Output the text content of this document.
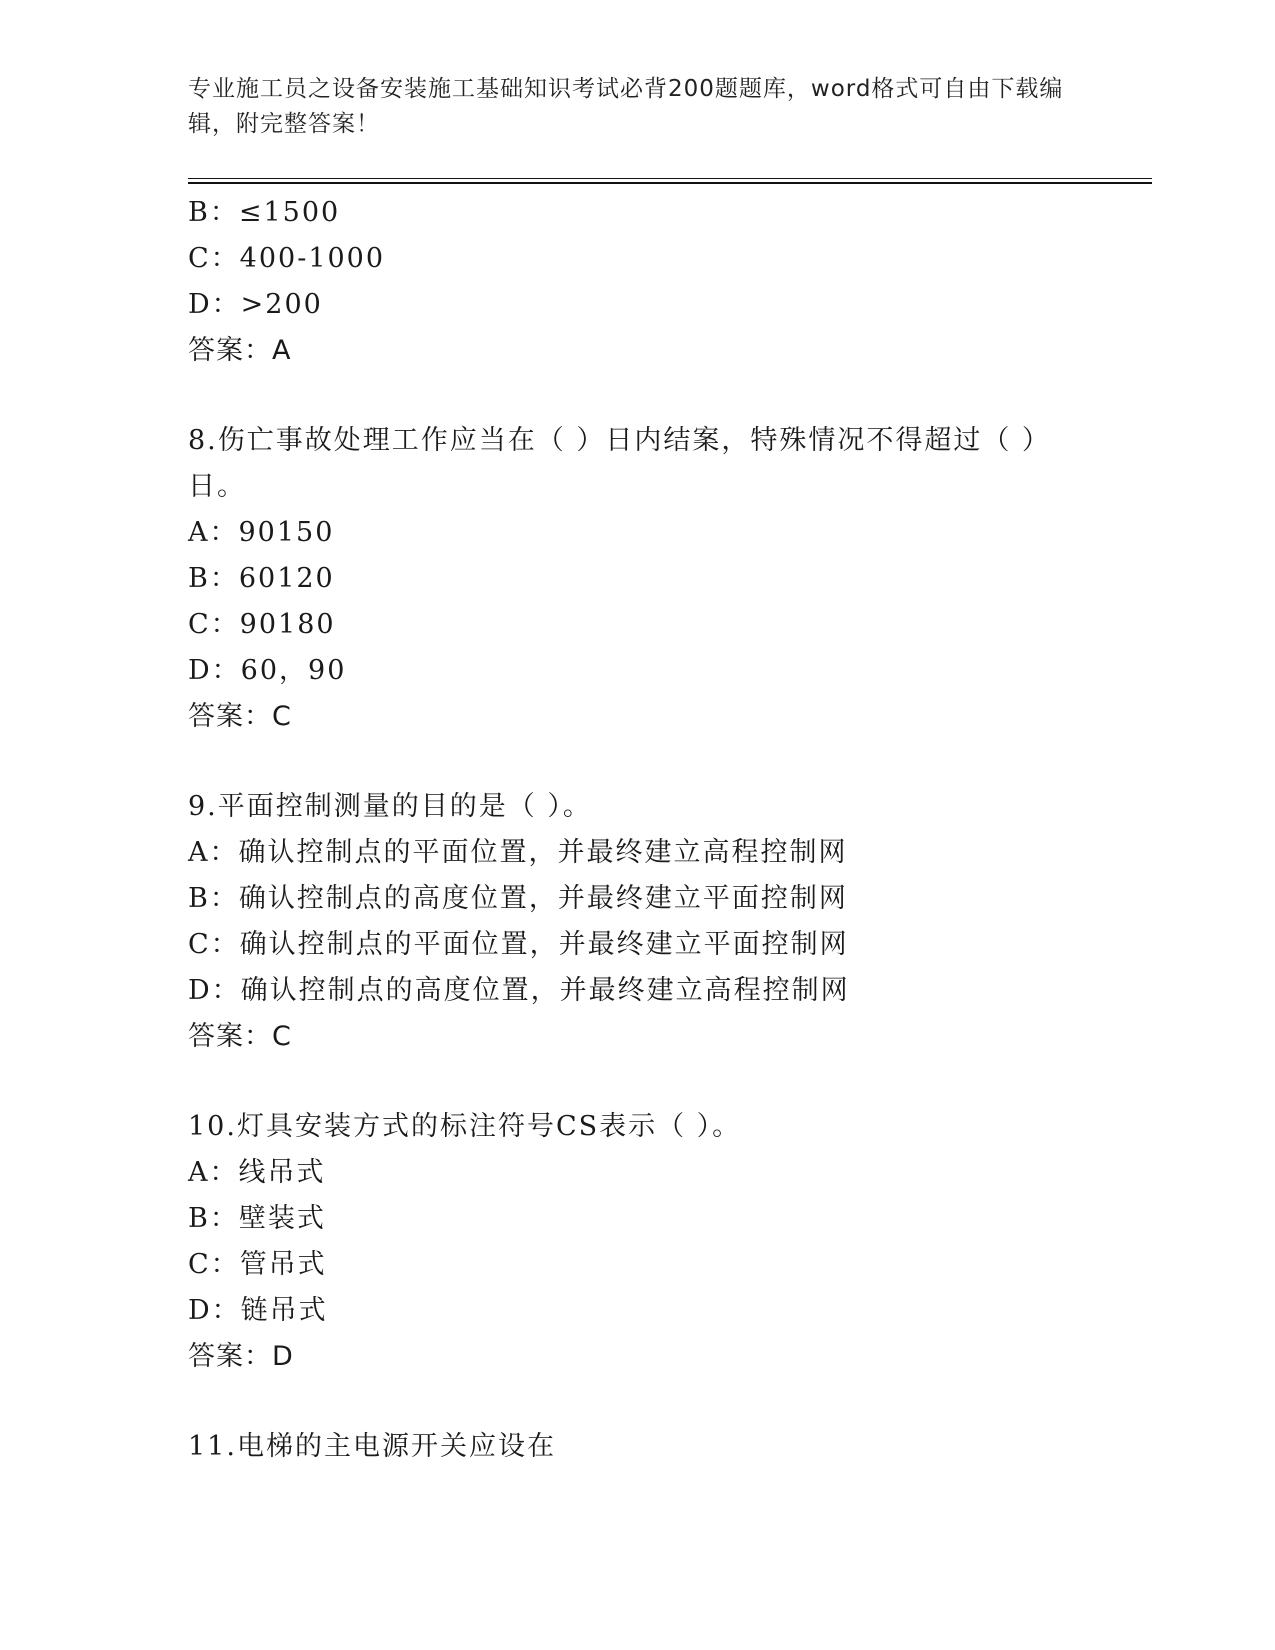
专业施工员之设备安装施工基础知识考试必背200题题库，word格式可自由下载编辑，附完整答案！
B：≤1500
C：400-1000
D：>200
答案：A
8.伤亡事故处理工作应当在（ ）日内结案，特殊情况不得超过（ ）日。
A：90150
B：60120
C：90180
D：60，90
答案：C
9.平面控制测量的目的是（ ）。
A：确认控制点的平面位置，并最终建立高程控制网
B：确认控制点的高度位置，并最终建立平面控制网
C：确认控制点的平面位置，并最终建立平面控制网
D：确认控制点的高度位置，并最终建立高程控制网
答案：C
10.灯具安装方式的标注符号CS表示（ ）。
A：线吊式
B：壁装式
C：管吊式
D：链吊式
答案：D
11.电梯的主电源开关应设在
